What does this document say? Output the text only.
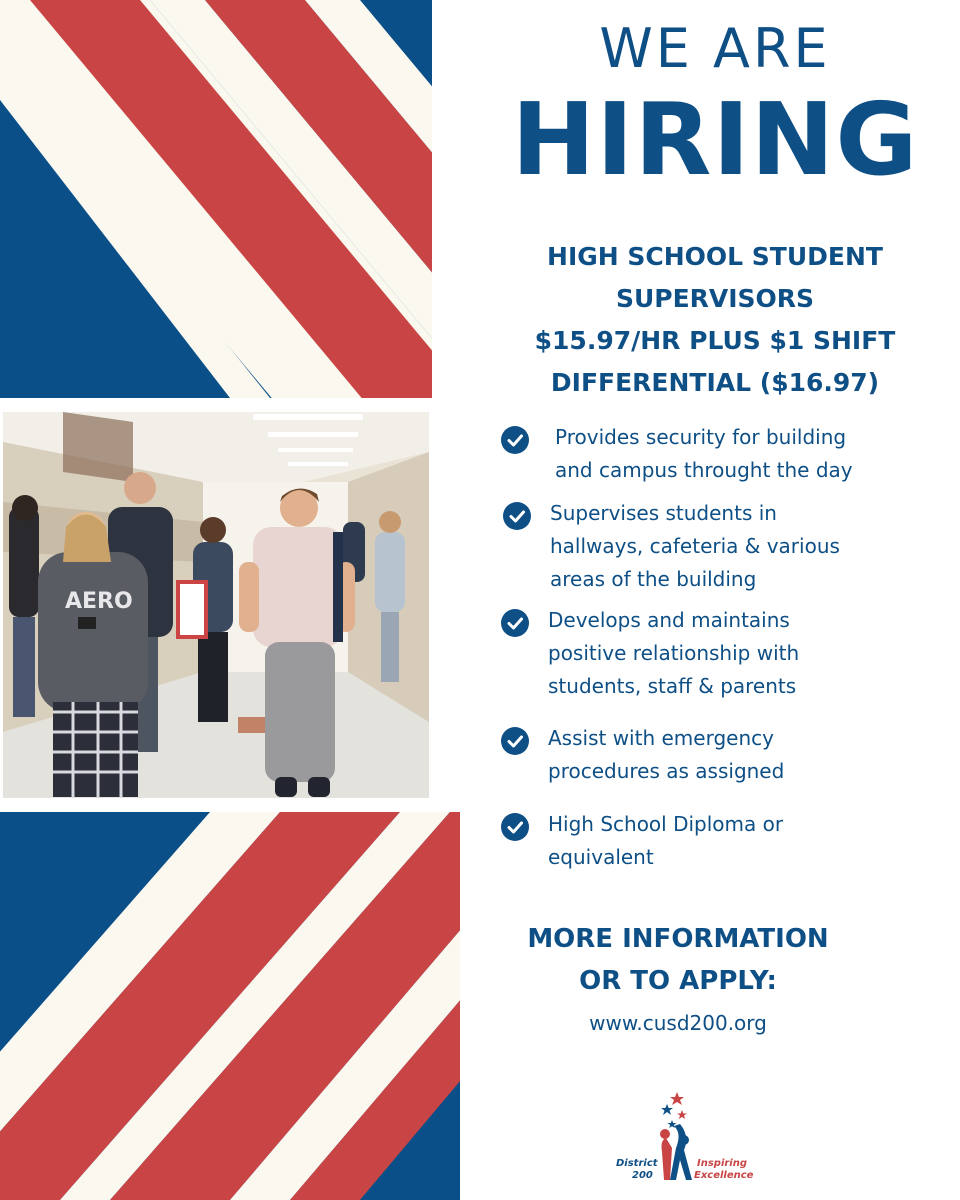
AERO
WE ARE
HIRING
HIGH SCHOOL STUDENT
SUPERVISORS
$15.97/HR PLUS $1 SHIFT
DIFFERENTIAL ($16.97)
Provides security for building
and campus throught the day
Supervises students in
hallways, cafeteria & various
areas of the building
Develops and maintains
positive relationship with
students, staff & parents
Assist with emergency
procedures as assigned
High School Diploma or
equivalent
MORE INFORMATION
OR TO APPLY:
www.cusd200.org
District
200
Inspiring
Excellence
